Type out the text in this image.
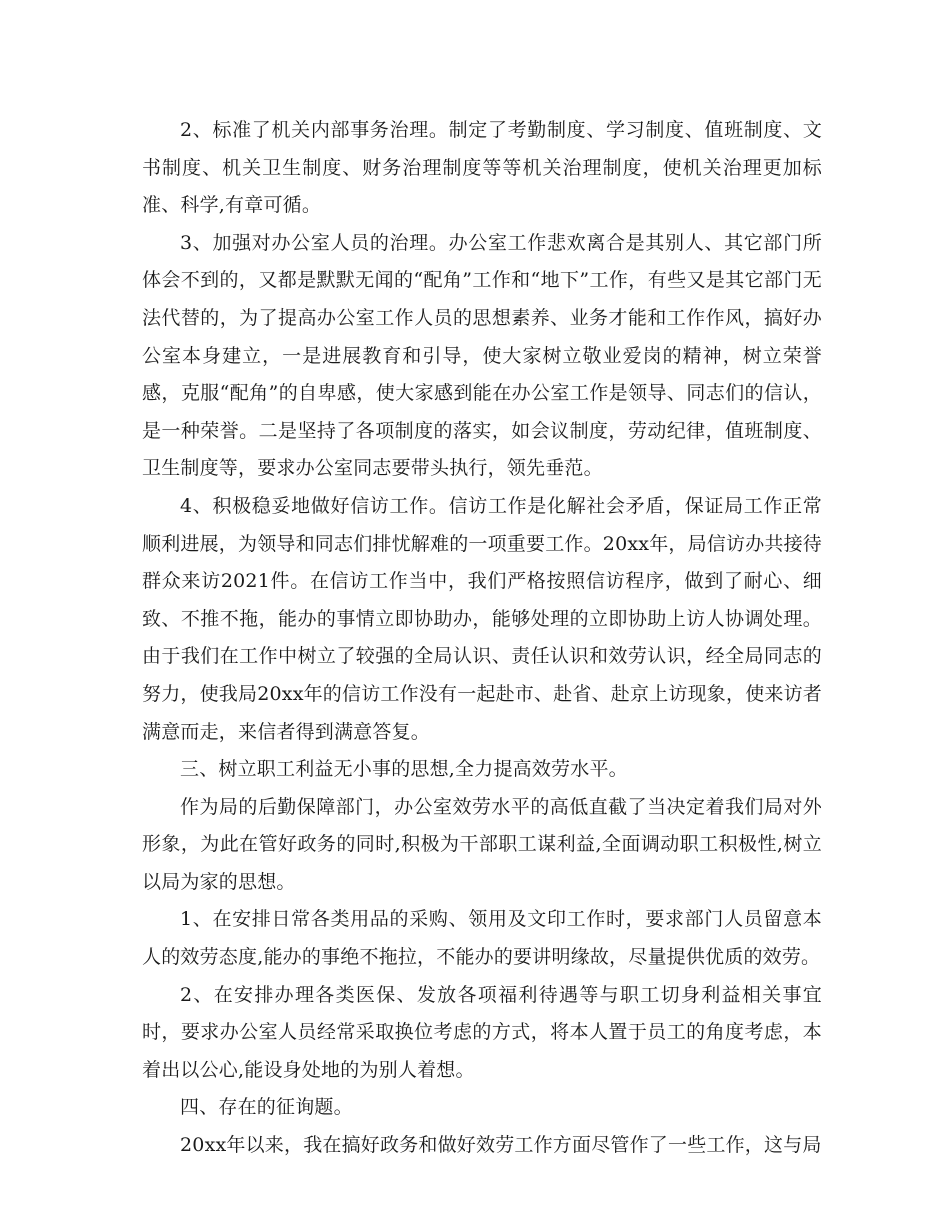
2、标准了机关内部事务治理。制定了考勤制度、学习制度、值班制度、文书制度、机关卫生制度、财务治理制度等等机关治理制度，使机关治理更加标准、科学,有章可循。

3、加强对办公室人员的治理。办公室工作悲欢离合是其别人、其它部门所体会不到的，又都是默默无闻的“配角”工作和“地下”工作，有些又是其它部门无法代替的，为了提高办公室工作人员的思想素养、业务才能和工作作风，搞好办公室本身建立，一是进展教育和引导，使大家树立敬业爱岗的精神，树立荣誉感，克服“配角”的自卑感，使大家感到能在办公室工作是领导、同志们的信认，是一种荣誉。二是坚持了各项制度的落实，如会议制度，劳动纪律，值班制度、卫生制度等，要求办公室同志要带头执行，领先垂范。

4、积极稳妥地做好信访工作。信访工作是化解社会矛盾，保证局工作正常顺利进展，为领导和同志们排忧解难的一项重要工作。20xx年，局信访办共接待群众来访2021件。在信访工作当中，我们严格按照信访程序，做到了耐心、细致、不推不拖，能办的事情立即协助办，能够处理的立即协助上访人协调处理。由于我们在工作中树立了较强的全局认识、责任认识和效劳认识，经全局同志的努力，使我局20xx年的信访工作没有一起赴市、赴省、赴京上访现象，使来访者满意而走，来信者得到满意答复。

三、树立职工利益无小事的思想,全力提高效劳水平。

作为局的后勤保障部门，办公室效劳水平的高低直截了当决定着我们局对外形象，为此在管好政务的同时,积极为干部职工谋利益,全面调动职工积极性,树立以局为家的思想。

1、在安排日常各类用品的采购、领用及文印工作时，要求部门人员留意本人的效劳态度,能办的事绝不拖拉，不能办的要讲明缘故，尽量提供优质的效劳。

2、在安排办理各类医保、发放各项福利待遇等与职工切身利益相关事宜时，要求办公室人员经常采取换位考虑的方式，将本人置于员工的角度考虑，本着出以公心,能设身处地的为别人着想。

四、存在的征询题。

20xx年以来，我在搞好政务和做好效劳工作方面尽管作了一些工作，这与局
